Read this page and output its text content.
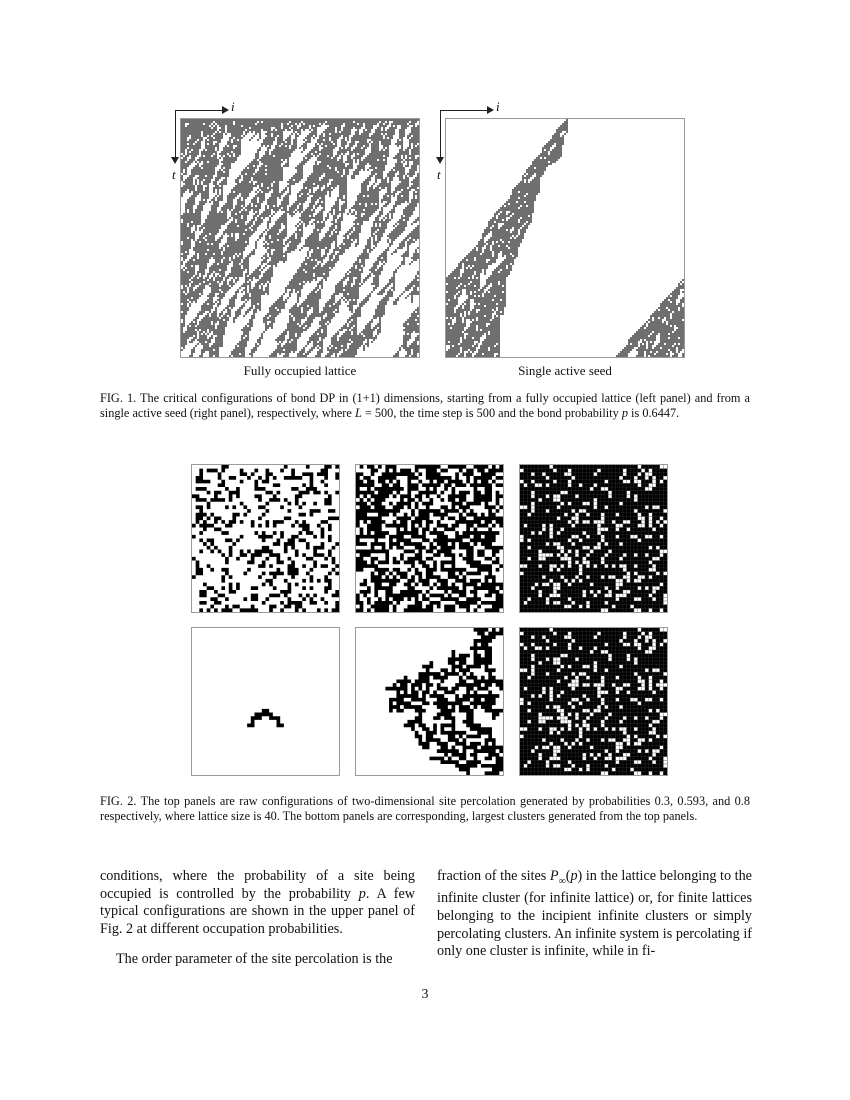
i
t
Fully occupied lattice
i
t
Single active seed
FIG. 1. The critical configurations of bond DP in (1+1) dimensions, starting from a fully occupied lattice (left panel) and from a single active seed (right panel), respectively, where L = 500, the time step is 500 and the bond probability p is 0.6447.
FIG. 2. The top panels are raw configurations of two-dimensional site percolation generated by probabilities 0.3, 0.593, and 0.8 respectively, where lattice size is 40. The bottom panels are corresponding, largest clusters generated from the top panels.

conditions, where the probability of a site being occupied is controlled by the probability p. A few typical configurations are shown in the upper panel of Fig. 2 at different occupation probabilities.

The order parameter of the site percolation is the

fraction of the sites $P_\infty(p)$ in the lattice belonging to the infinite cluster (for infinite lattice) or, for finite lattices belonging to the incipient infinite clusters or simply percolating clusters. An infinite system is percolating if only one cluster is infinite, while in fi-

3
